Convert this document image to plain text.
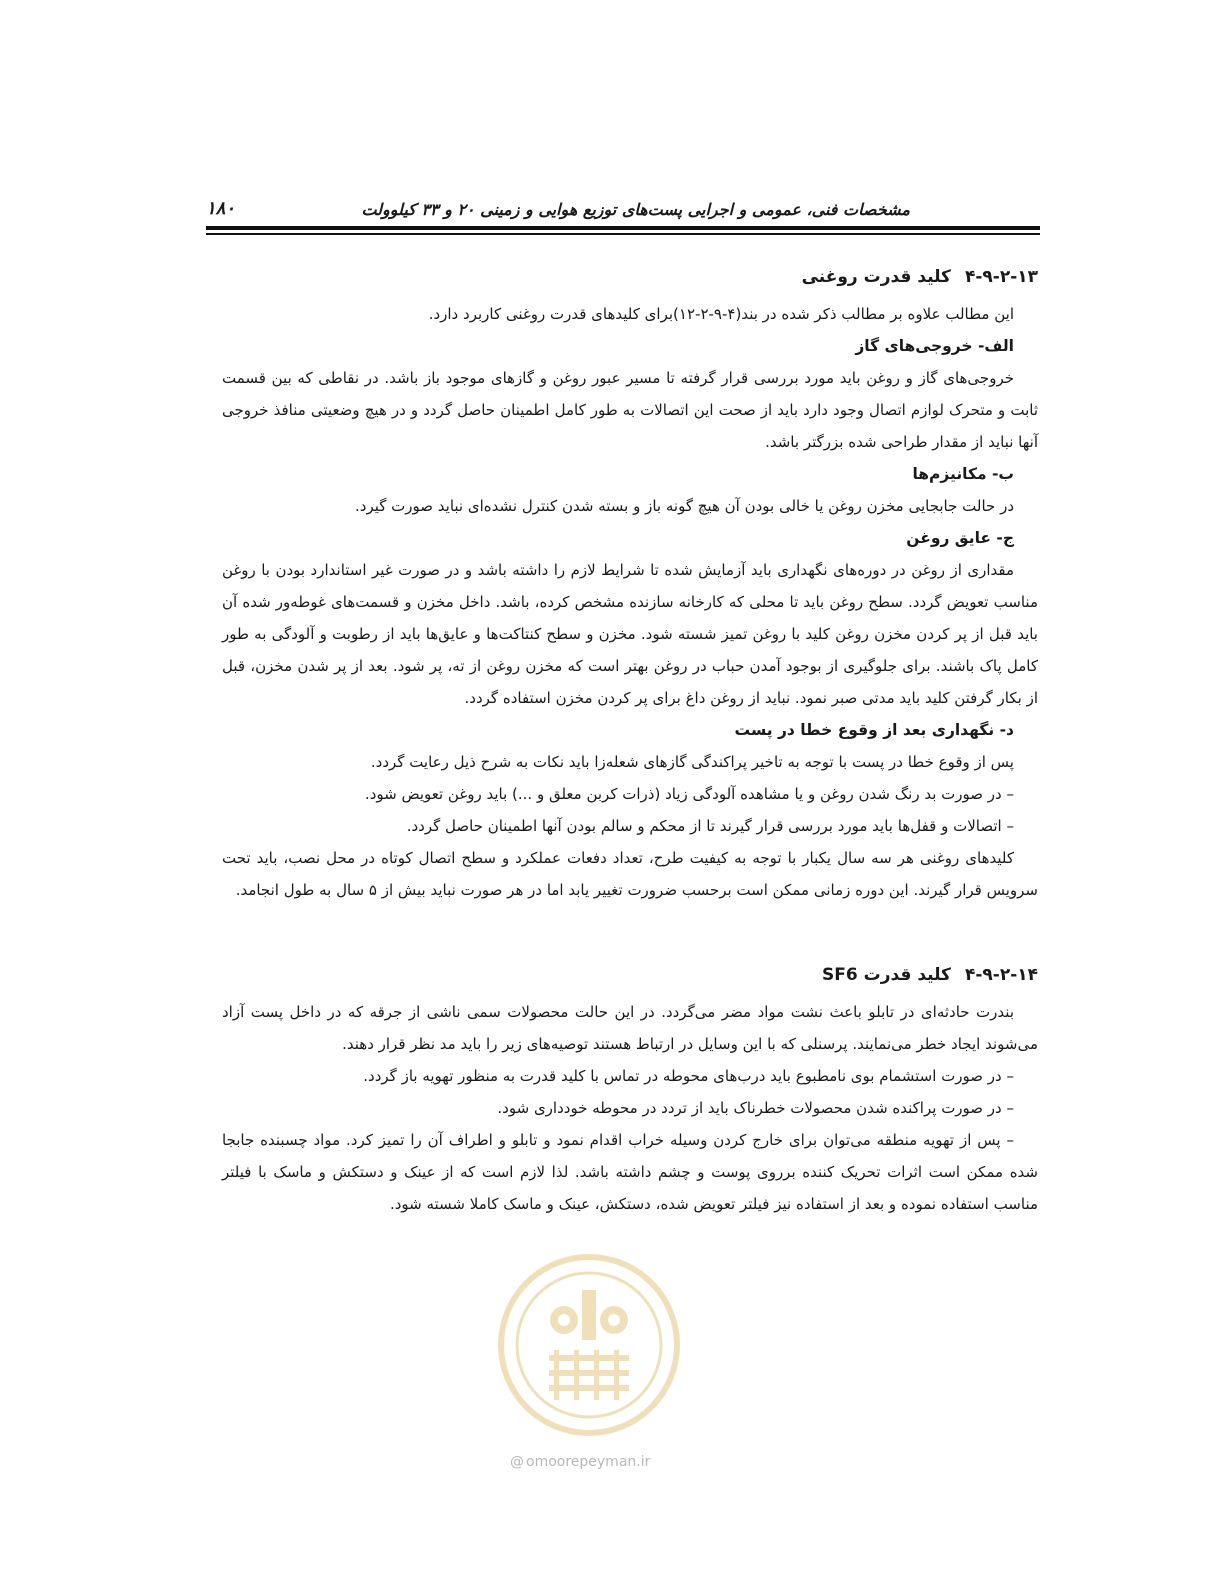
مشخصات فنی، عمومی و اجرایی پست‌های توزیع هوایی و زمینی ۲۰ و ۳۳ کیلوولت
۱۸۰
۴-۹-۲-۱۳کلید قدرت روغنی

این مطالب علاوه بر مطالب ذکر شده در بند(۴-۹-۲-۱۲)برای کلیدهای قدرت روغنی کاربرد دارد.

الف- خروجی‌های گاز

خروجی‌های گاز و روغن باید مورد بررسی قرار گرفته تا مسیر عبور روغن و گازهای موجود باز باشد. در نقاطی که بین قسمت ثابت و متحرک لوازم اتصال وجود دارد باید از صحت این اتصالات به طور کامل اطمینان حاصل گردد و در هیچ وضعیتی منافذ خروجی آنها نباید از مقدار طراحی شده بزرگتر باشد.

ب- مکانیزم‌ها

در حالت جابجایی مخزن روغن یا خالی بودن آن هیچ گونه باز و بسته شدن کنترل نشده‌ای نباید صورت گیرد.

ج- عایق روغن

مقداری از روغن در دوره‌های نگهداری باید آزمایش شده تا شرایط لازم را داشته باشد و در صورت غیر استاندارد بودن با روغن مناسب تعویض گردد. سطح روغن باید تا محلی که کارخانه سازنده مشخص کرده، باشد. داخل مخزن و قسمت‌های غوطه‌ور شده آن باید قبل از پر کردن مخزن روغن کلید با روغن تمیز شسته شود. مخزن و سطح کنتاکت‌ها و عایق‌ها باید از رطوبت و آلودگی به طور کامل پاک باشند. برای جلوگیری از بوجود آمدن حباب در روغن بهتر است که مخزن روغن از ته، پر شود. بعد از پر شدن مخزن، قبل از بکار گرفتن کلید باید مدتی صبر نمود. نباید از روغن داغ برای پر کردن مخزن استفاده گردد.

د- نگهداری بعد از وقوع خطا در پست

پس از وقوع خطا در پست با توجه به تاخیر پراکندگی گازهای شعله‌زا باید نکات به شرح ذیل رعایت گردد.

– در صورت بد رنگ شدن روغن و یا مشاهده آلودگی زیاد (ذرات کربن معلق و ...) باید روغن تعویض شود.

– اتصالات و قفل‌ها باید مورد بررسی قرار گیرند تا از محکم و سالم بودن آنها اطمینان حاصل گردد.

کلیدهای روغنی هر سه سال یکبار با توجه به کیفیت طرح، تعداد دفعات عملکرد و سطح اتصال کوتاه در محل نصب، باید تحت سرویس قرار گیرند. این دوره زمانی ممکن است برحسب ضرورت تغییر یابد اما در هر صورت نباید بیش از ۵ سال به طول انجامد.

۴-۹-۲-۱۴کلید قدرت SF6

بندرت حادثه‌ای در تابلو باعث نشت مواد مضر می‌گردد. در این حالت محصولات سمی ناشی از جرقه که در داخل پست آزاد می‌شوند ایجاد خطر می‌نمایند. پرسنلی که با این وسایل در ارتباط هستند توصیه‌های زیر را باید مد نظر قرار دهند.

– در صورت استشمام بوی نامطبوع باید درب‌های محوطه در تماس با کلید قدرت به منظور تهویه باز گردد.

– در صورت پراکنده شدن محصولات خطرناک باید از تردد در محوطه خودداری شود.

– پس از تهویه منطقه می‌توان برای خارج کردن وسیله خراب اقدام نمود و تابلو و اطراف آن را تمیز کرد. مواد چسبنده جابجا شده ممکن است اثرات تحریک کننده برروی پوست و چشم داشته باشد. لذا لازم است که از عینک و دستکش و ماسک با فیلتر مناسب استفاده نموده و بعد از استفاده نیز فیلتر تعویض شده، دستکش، عینک و ماسک کاملا شسته شود.

@ omoorepeyman.ir
